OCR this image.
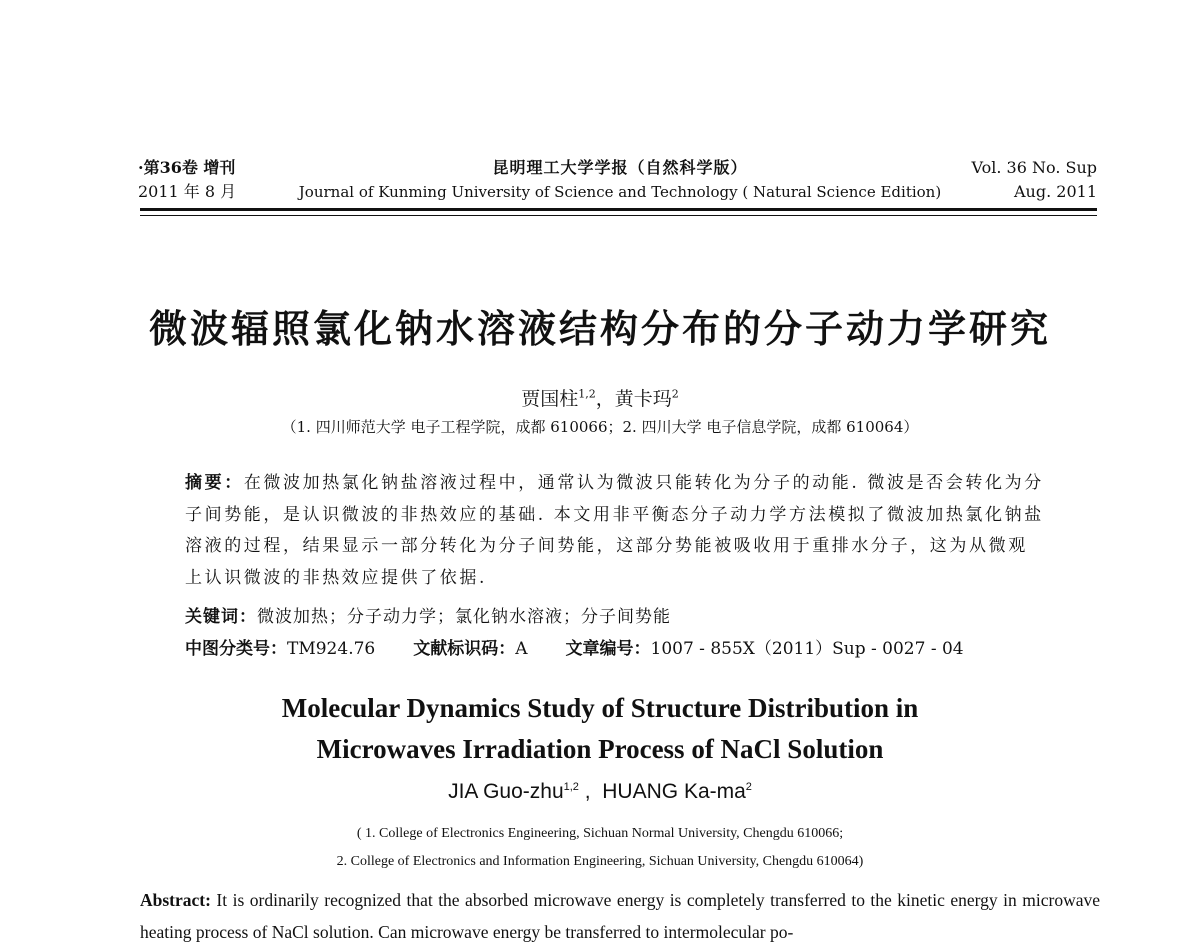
·第36卷 增刊
2011 年 8 月
昆明理工大学学报（自然科学版）
Journal of Kunming University of Science and Technology ( Natural Science Edition)
Vol. 36 No. Sup
Aug. 2011
微波辐照氯化钠水溶液结构分布的分子动力学研究
贾国柱$^{1,2}$，黄卡玛$^2$
（1. 四川师范大学 电子工程学院，成都 610066；2. 四川大学 电子信息学院，成都 610064）
摘要：在微波加热氯化钠盐溶液过程中，通常认为微波只能转化为分子的动能. 微波是否会转化为分子间势能，是认识微波的非热效应的基础. 本文用非平衡态分子动力学方法模拟了微波加热氯化钠盐溶液的过程，结果显示一部分转化为分子间势能，这部分势能被吸收用于重排水分子，这为从微观上认识微波的非热效应提供了依据.
关键词：微波加热；分子动力学；氯化钠水溶液；分子间势能
中图分类号：TM924.76 文献标识码：A 文章编号：1007 - 855X（2011）Sup - 0027 - 04
Molecular Dynamics Study of Structure Distribution in
Microwaves Irradiation Process of NaCl Solution
JIA Guo-zhu$^{1,2}$ ,  HUANG $Ka-ma^2$
( 1. College of Electronics Engineering, Sichuan Normal University, Chengdu 610066;
2. College of Electronics and Information Engineering, Sichuan University, Chengdu 610064)
Abstract: It is ordinarily recognized that the absorbed microwave energy is completely transferred to the kinetic energy in microwave heating process of NaCl solution. Can microwave energy be transferred to intermolecular po-
